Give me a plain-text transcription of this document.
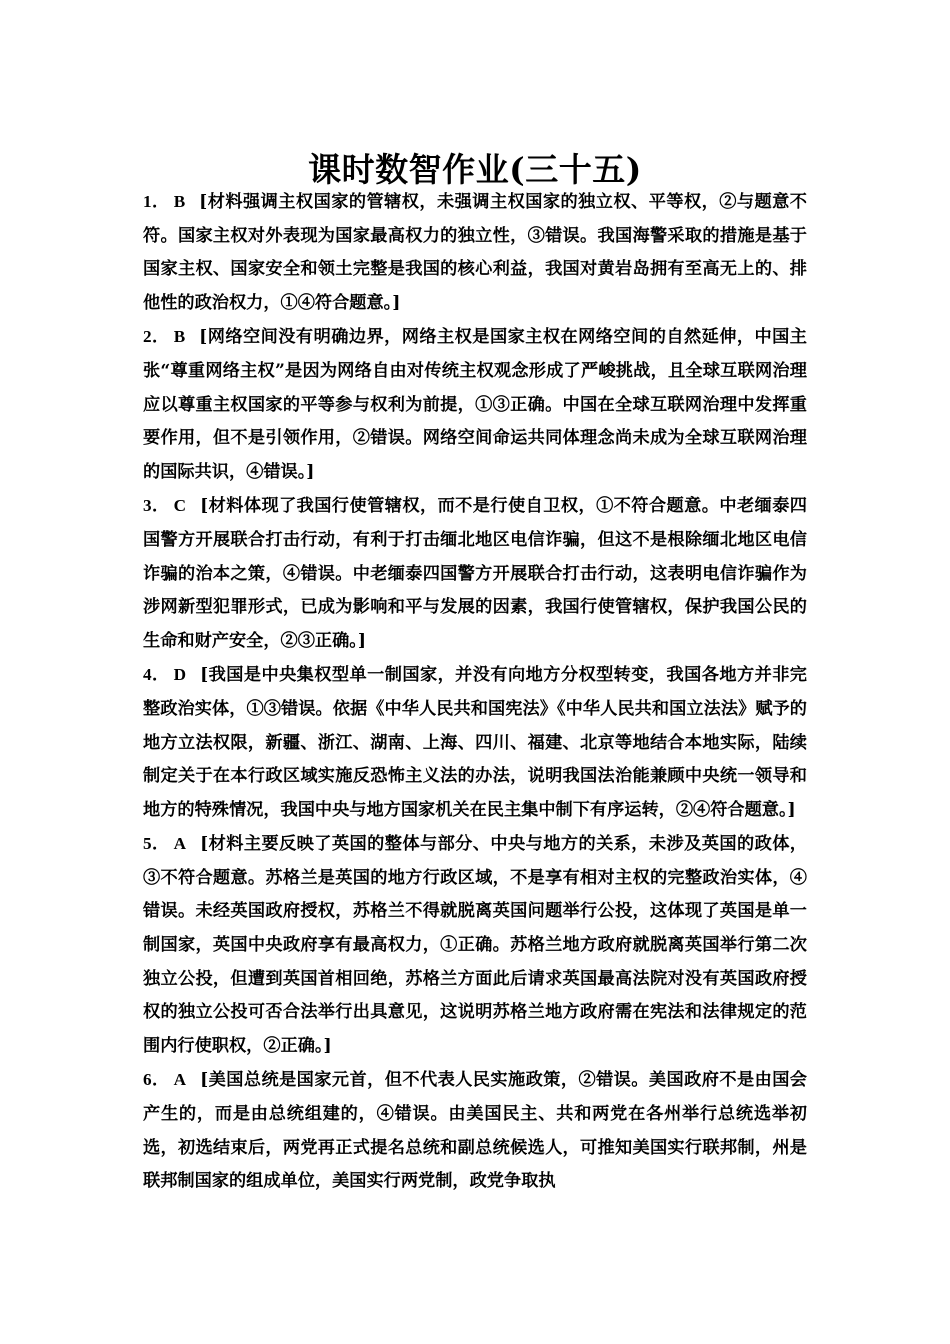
课时数智作业(三十五)

1． B [材料强调主权国家的管辖权，未强调主权国家的独立权、平等权，②与题意不符。国家主权对外表现为国家最高权力的独立性，③错误。我国海警采取的措施是基于国家主权、国家安全和领土完整是我国的核心利益，我国对黄岩岛拥有至高无上的、排他性的政治权力，①④符合题意。]

2． B [网络空间没有明确边界，网络主权是国家主权在网络空间的自然延伸，中国主张“尊重网络主权”是因为网络自由对传统主权观念形成了严峻挑战，且全球互联网治理应以尊重主权国家的平等参与权利为前提，①③正确。中国在全球互联网治理中发挥重要作用，但不是引领作用，②错误。网络空间命运共同体理念尚未成为全球互联网治理的国际共识，④错误。]

3． C [材料体现了我国行使管辖权，而不是行使自卫权，①不符合题意。中老缅泰四国警方开展联合打击行动，有利于打击缅北地区电信诈骗，但这不是根除缅北地区电信诈骗的治本之策，④错误。中老缅泰四国警方开展联合打击行动，这表明电信诈骗作为涉网新型犯罪形式，已成为影响和平与发展的因素，我国行使管辖权，保护我国公民的生命和财产安全，②③正确。]

4． D [我国是中央集权型单一制国家，并没有向地方分权型转变，我国各地方并非完整政治实体，①③错误。依据《中华人民共和国宪法》《中华人民共和国立法法》赋予的地方立法权限，新疆、浙江、湖南、上海、四川、福建、北京等地结合本地实际，陆续制定关于在本行政区域实施反恐怖主义法的办法，说明我国法治能兼顾中央统一领导和地方的特殊情况，我国中央与地方国家机关在民主集中制下有序运转，②④符合题意。]

5． A [材料主要反映了英国的整体与部分、中央与地方的关系，未涉及英国的政体，③不符合题意。苏格兰是英国的地方行政区域，不是享有相对主权的完整政治实体，④错误。未经英国政府授权，苏格兰不得就脱离英国问题举行公投，这体现了英国是单一制国家，英国中央政府享有最高权力，①正确。苏格兰地方政府就脱离英国举行第二次独立公投，但遭到英国首相回绝，苏格兰方面此后请求英国最高法院对没有英国政府授权的独立公投可否合法举行出具意见，这说明苏格兰地方政府需在宪法和法律规定的范围内行使职权，②正确。]

6． A [美国总统是国家元首，但不代表人民实施政策，②错误。美国政府不是由国会产生的，而是由总统组建的，④错误。由美国民主、共和两党在各州举行总统选举初选，初选结束后，两党再正式提名总统和副总统候选人，可推知美国实行联邦制，州是联邦制国家的组成单位，美国实行两党制，政党争取执
